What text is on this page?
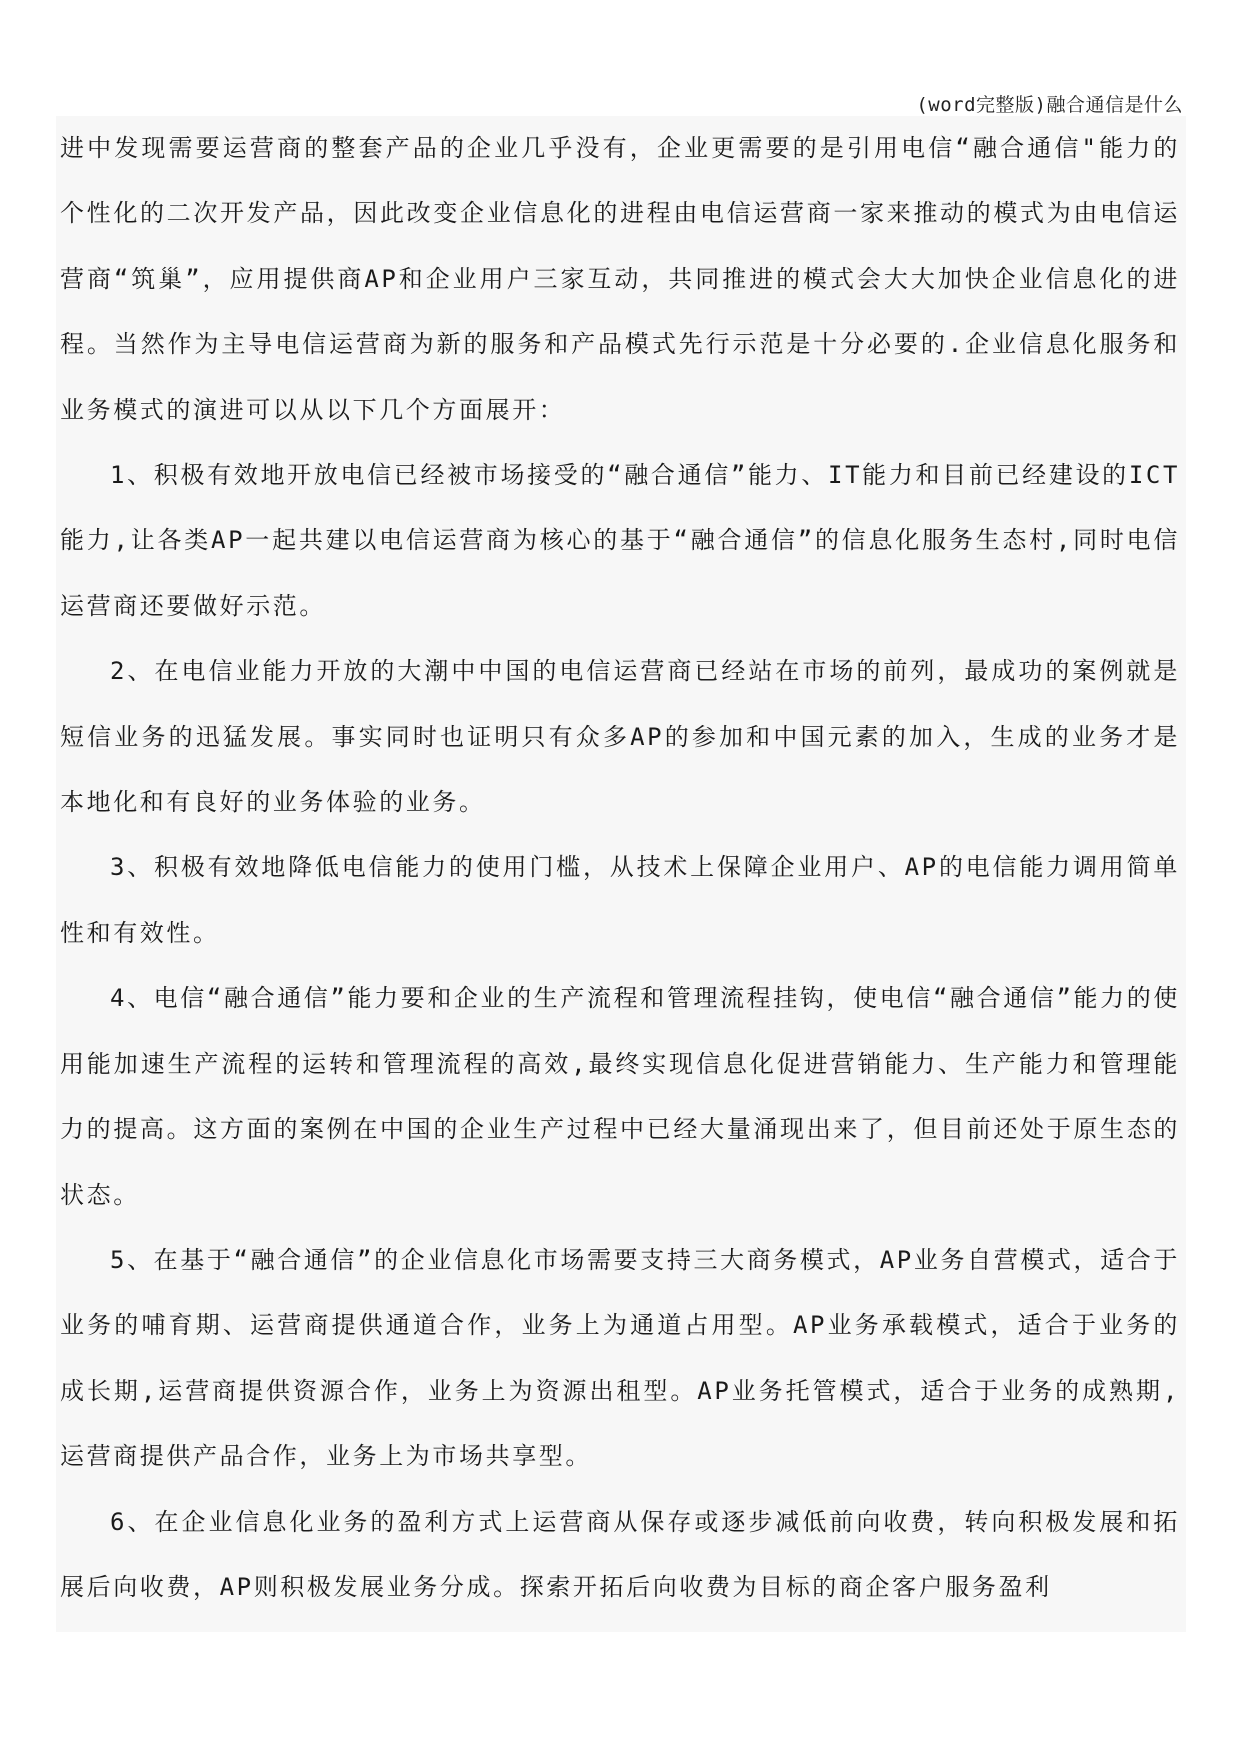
(word完整版)融合通信是什么

进中发现需要运营商的整套产品的企业几乎没有，企业更需要的是引用电信“融合通信"能力的个性化的二次开发产品，因此改变企业信息化的进程由电信运营商一家来推动的模式为由电信运营商“筑巢”，应用提供商AP和企业用户三家互动，共同推进的模式会大大加快企业信息化的进程。当然作为主导电信运营商为新的服务和产品模式先行示范是十分必要的.企业信息化服务和业务模式的演进可以从以下几个方面展开：

1、积极有效地开放电信已经被市场接受的“融合通信”能力、IT能力和目前已经建设的ICT能力,让各类AP一起共建以电信运营商为核心的基于“融合通信”的信息化服务生态村,同时电信运营商还要做好示范。

2、在电信业能力开放的大潮中中国的电信运营商已经站在市场的前列，最成功的案例就是短信业务的迅猛发展。事实同时也证明只有众多AP的参加和中国元素的加入，生成的业务才是本地化和有良好的业务体验的业务。

3、积极有效地降低电信能力的使用门槛，从技术上保障企业用户、AP的电信能力调用简单性和有效性。

4、电信“融合通信”能力要和企业的生产流程和管理流程挂钩，使电信“融合通信”能力的使用能加速生产流程的运转和管理流程的高效,最终实现信息化促进营销能力、生产能力和管理能力的提高。这方面的案例在中国的企业生产过程中已经大量涌现出来了，但目前还处于原生态的状态。

5、在基于“融合通信”的企业信息化市场需要支持三大商务模式，AP业务自营模式，适合于业务的哺育期、运营商提供通道合作，业务上为通道占用型。AP业务承载模式，适合于业务的成长期,运营商提供资源合作，业务上为资源出租型。AP业务托管模式，适合于业务的成熟期,运营商提供产品合作，业务上为市场共享型。

6、在企业信息化业务的盈利方式上运营商从保存或逐步减低前向收费，转向积极发展和拓展后向收费，AP则积极发展业务分成。探索开拓后向收费为目标的商企客户服务盈利
